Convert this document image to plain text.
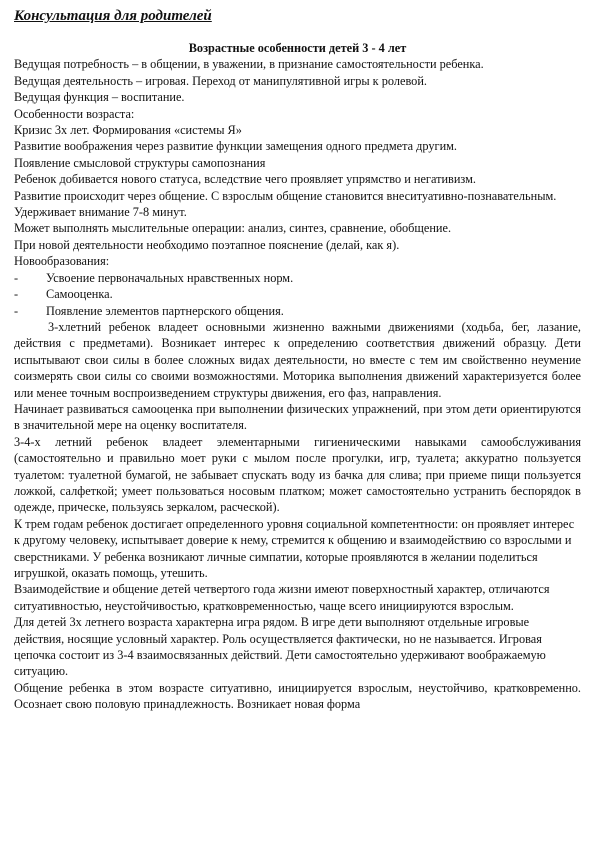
Консультация для родителей

Возрастные особенности детей 3 - 4 лет

Ведущая потребность – в общении, в уважении, в признание самостоятельности ребенка.

Ведущая деятельность – игровая. Переход от манипулятивной игры к ролевой.

Ведущая функция – воспитание.

Особенности возраста:

Кризис 3х лет. Формирования «системы Я»

Развитие воображения через развитие функции замещения одного предмета другим.

Появление смысловой структуры самопознания

Ребенок добивается нового статуса, вследствие чего проявляет упрямство и негативизм.

Развитие происходит через общение. С взрослым общение становится внеситуативно-познавательным.

Удерживает внимание 7-8 минут.

Может выполнять мыслительные операции: анализ, синтез, сравнение, обобщение.

При новой деятельности необходимо поэтапное пояснение (делай, как я).

Новообразования:

-	Усвоение первоначальных нравственных норм.
-	Самооценка.
-	Появление элементов партнерского общения.

3-хлетний ребенок владеет основными жизненно важными движениями (ходьба, бег, лазание, действия с предметами). Возникает интерес к определению соответствия движений образцу. Дети испытывают свои силы в более сложных видах деятельности, но вместе с тем им свойственно неумение соизмерять свои силы со своими возможностями. Моторика выполнения движений характеризуется более или менее точным воспроизведением структуры движения, его фаз, направления.

Начинает развиваться самооценка при выполнении физических упражнений, при этом дети ориентируются в значительной мере на оценку воспитателя.

3-4-х летний ребенок владеет элементарными гигиеническими навыками самообслуживания (самостоятельно и правильно моет руки с мылом после прогулки, игр, туалета; аккуратно пользуется туалетом: туалетной бумагой, не забывает спускать воду из бачка для слива; при приеме пищи пользуется ложкой, салфеткой; умеет пользоваться носовым платком; может самостоятельно устранить беспорядок в одежде, прическе, пользуясь зеркалом, расческой).

К трем годам ребенок достигает определенного уровня социальной компетентности: он проявляет интерес к другому человеку, испытывает доверие к нему, стремится к общению и взаимодействию со взрослыми и сверстниками. У ребенка возникают личные симпатии, которые проявляются в желании поделиться игрушкой, оказать помощь, утешить.

Взаимодействие и общение детей четвертого года жизни имеют поверхностный характер, отличаются ситуативностью, неустойчивостью, кратковременностью, чаще всего инициируются взрослым.

Для детей 3х летнего возраста характерна игра рядом. В игре дети выполняют отдельные игровые действия, носящие условный характер. Роль осуществляется фактически, но не называется. Игровая цепочка состоит из 3-4 взаимосвязанных действий. Дети самостоятельно удерживают воображаемую ситуацию.

Общение ребенка в этом возрасте ситуативно, инициируется взрослым, неустойчиво, кратковременно. Осознает свою половую принадлежность. Возникает новая форма
